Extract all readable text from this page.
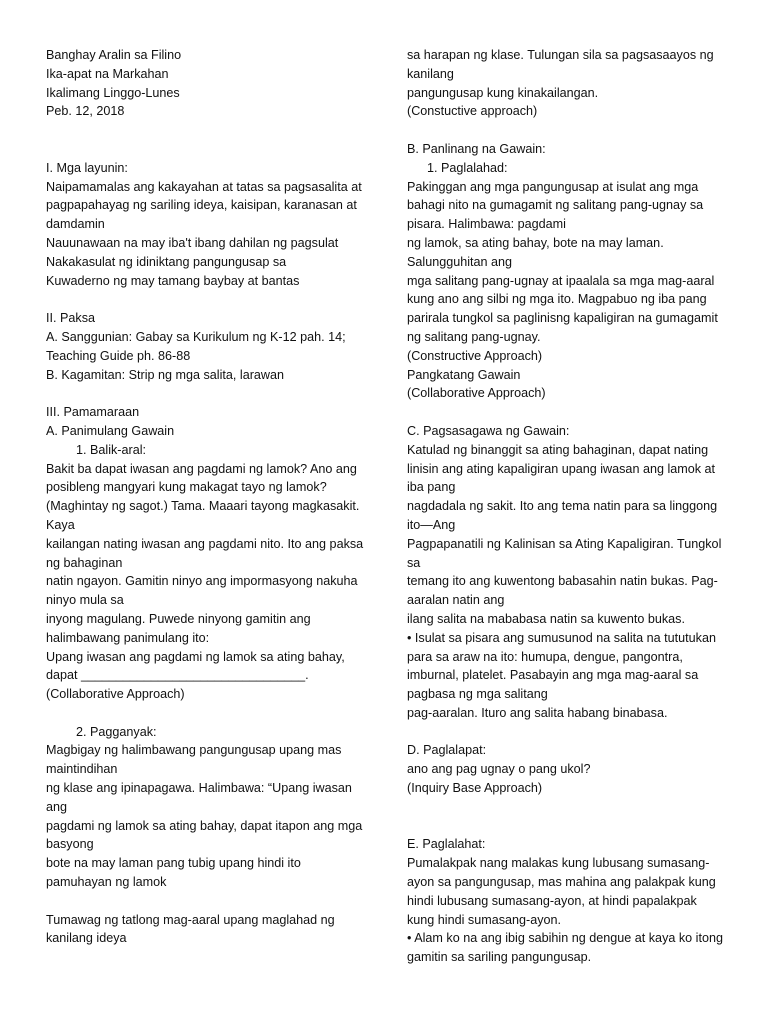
Banghay Aralin sa Filino
Ika-apat na Markahan
Ikalimang Linggo-Lunes
Peb. 12, 2018
I. Mga layunin:
Naipamamalas ang kakayahan at tatas sa pagsasalita at
pagpapahayag ng sariling ideya, kaisipan, karanasan at
damdamin
Nauunawaan na may iba't ibang dahilan ng pagsulat
Nakakasulat ng idiniktang pangungusap sa
Kuwaderno ng may tamang baybay at bantas
II. Paksa
A. Sanggunian: Gabay sa Kurikulum ng K-12 pah. 14;
Teaching Guide ph. 86-88
B. Kagamitan: Strip ng mga salita, larawan
III. Pamamaraan
A. Panimulang Gawain
1. Balik-aral:
Bakit ba dapat iwasan ang pagdami ng lamok? Ano ang
posibleng mangyari kung makagat tayo ng lamok?
(Maghintay ng sagot.) Tama. Maaari tayong magkasakit.
Kaya
kailangan nating iwasan ang pagdami nito. Ito ang paksa
ng bahaginan
natin ngayon. Gamitin ninyo ang impormasyong nakuha
ninyo mula sa
inyong magulang. Puwede ninyong gamitin ang
halimbawang panimulang ito:
Upang iwasan ang pagdami ng lamok sa ating bahay,
dapat ________________________________.
(Collaborative Approach)
2. Pagganyak:
Magbigay ng halimbawang pangungusap upang mas
maintindihan
ng klase ang ipinapagawa. Halimbawa: “Upang iwasan
ang
pagdami ng lamok sa ating bahay, dapat itapon ang mga
basyong
bote na may laman pang tubig upang hindi ito
pamuhayan ng lamok
Tumawag ng tatlong mag-aaral upang maglahad ng
kanilang ideya
sa harapan ng klase. Tulungan sila sa pagsasaayos ng
kanilang
pangungusap kung kinakailangan.
(Constuctive approach)
B. Panlinang na Gawain:
1. Paglalahad:
Pakinggan ang mga pangungusap at isulat ang mga
bahagi nito na gumagamit ng salitang pang-ugnay sa
pisara. Halimbawa: pagdami
ng lamok, sa ating bahay, bote na may laman.
Salungguhitan ang
mga salitang pang-ugnay at ipaalala sa mga mag-aaral
kung ano ang silbi ng mga ito. Magpabuo ng iba pang
parirala tungkol sa paglinisng kapaligiran na gumagamit
ng salitang pang-ugnay.
(Constructive Approach)
Pangkatang Gawain
(Collaborative Approach)
C. Pagsasagawa ng Gawain:
Katulad ng binanggit sa ating bahaginan, dapat nating
linisin ang ating kapaligiran upang iwasan ang lamok at
iba pang
nagdadala ng sakit. Ito ang tema natin para sa linggong
ito—Ang
Pagpapanatili ng Kalinisan sa Ating Kapaligiran. Tungkol
sa
temang ito ang kuwentong babasahin natin bukas. Pag-
aaralan natin ang
ilang salita na mababasa natin sa kuwento bukas.
• Isulat sa pisara ang sumusunod na salita na tututukan
para sa araw na ito: humupa, dengue, pangontra,
imburnal, platelet. Pasabayin ang mga mag-aaral sa
pagbasa ng mga salitang
pag-aaralan. Ituro ang salita habang binabasa.
D. Paglalapat:
ano ang pag ugnay o pang ukol?
(Inquiry Base Approach)
E. Paglalahat:
Pumalakpak nang malakas kung lubusang sumasang-
ayon sa pangungusap, mas mahina ang palakpak kung
hindi lubusang sumasang-ayon, at hindi papalakpak
kung hindi sumasang-ayon.
• Alam ko na ang ibig sabihin ng dengue at kaya ko itong
gamitin sa sariling pangungusap.
